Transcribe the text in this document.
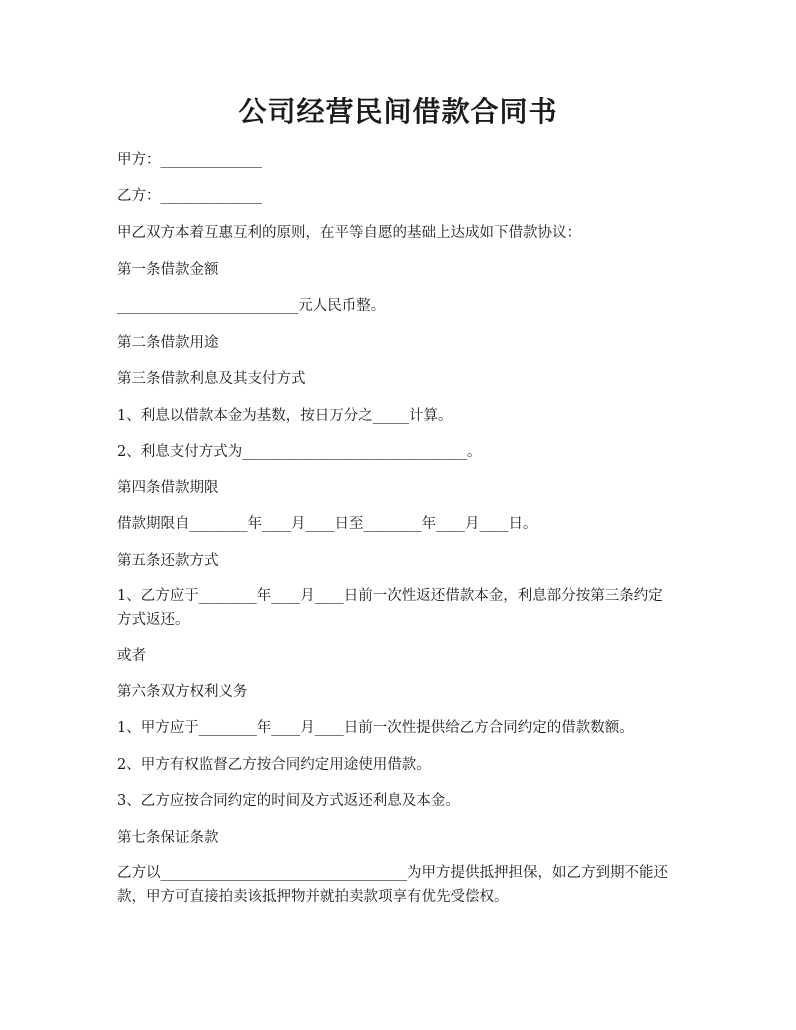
公司经营民间借款合同书
甲方：______________
乙方：______________
甲乙双方本着互惠互利的原则，在平等自愿的基础上达成如下借款协议：
第一条借款金额
_________________________元人民币整。
第二条借款用途
第三条借款利息及其支付方式
1、利息以借款本金为基数，按日万分之_____计算。
2、利息支付方式为_______________________________。
第四条借款期限
借款期限自________年____月____日至________年____月____日。
第五条还款方式
1、乙方应于________年____月____日前一次性返还借款本金，利息部分按第三条约定方式返还。
或者
第六条双方权利义务
1、甲方应于________年____月____日前一次性提供给乙方合同约定的借款数额。
2、甲方有权监督乙方按合同约定用途使用借款。
3、乙方应按合同约定的时间及方式返还利息及本金。
第七条保证条款
乙方以__________________________________为甲方提供抵押担保，如乙方到期不能还款，甲方可直接拍卖该抵押物并就拍卖款项享有优先受偿权。
